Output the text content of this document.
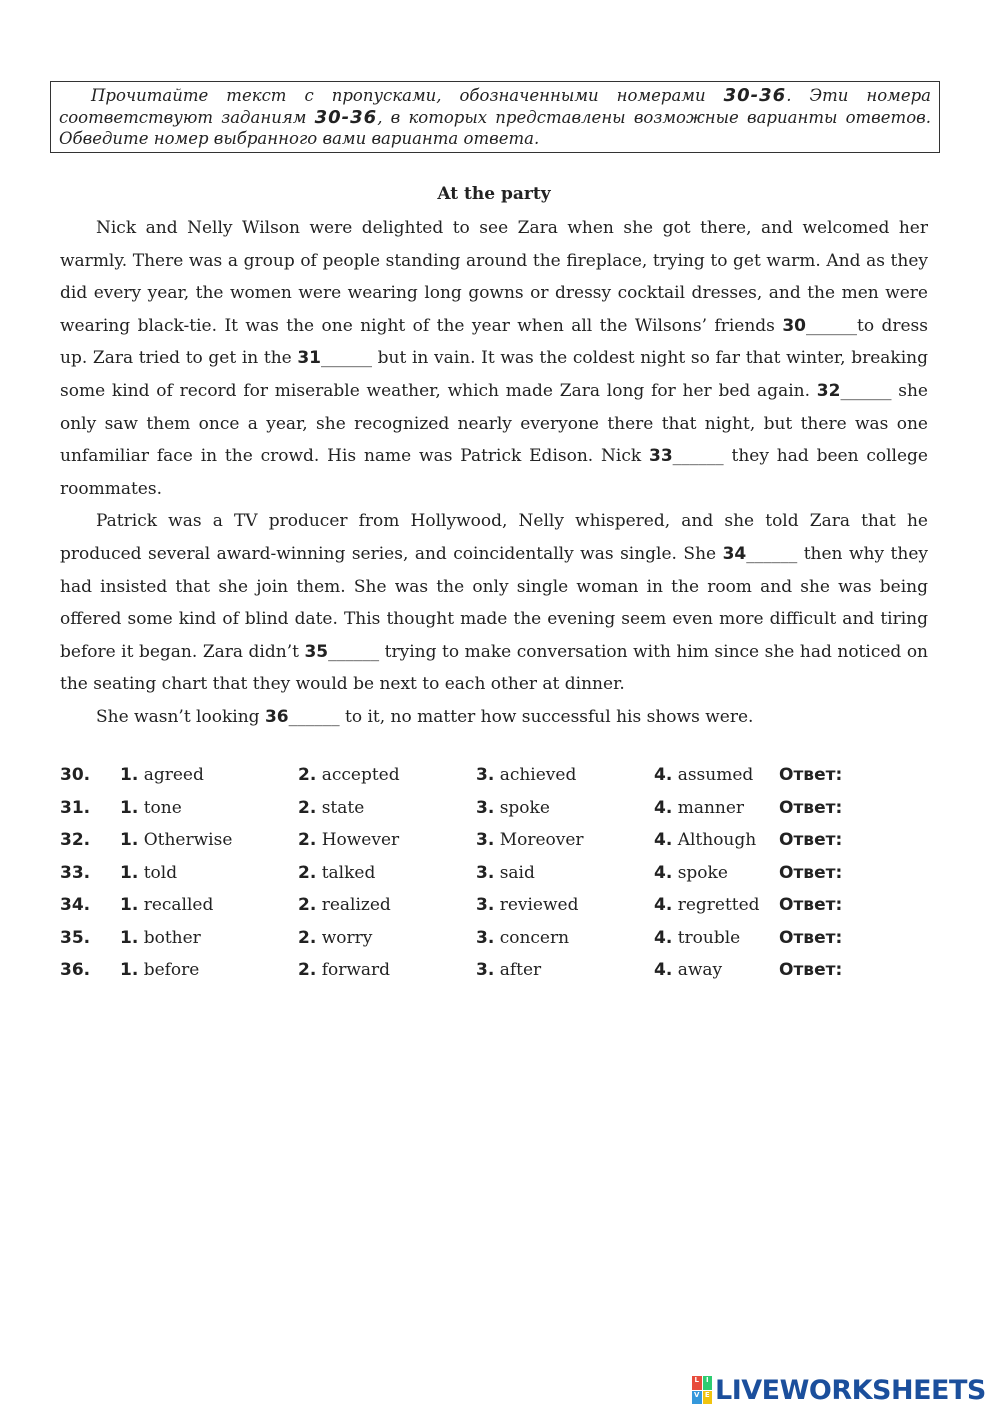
Прочитайте текст с пропусками, обозначенными номерами 30-36. Эти номера соответствуют заданиям 30-36, в которых представлены возможные варианты ответов. Обведите номер выбранного вами варианта ответа.
At the party

Nick and Nelly Wilson were delighted to see Zara when she got there, and welcomed her warmly. There was a group of people standing around the fireplace, trying to get warm. And as they did every year, the women were wearing long gowns or dressy cocktail dresses, and the men were wearing black-tie. It was the one night of the year when all the Wilsons’ friends 30______to dress up. Zara tried to get in the 31______ but in vain. It was the coldest night so far that winter, breaking some kind of record for miserable weather, which made Zara long for her bed again. 32______ she only saw them once a year, she recognized nearly everyone there that night, but there was one unfamiliar face in the crowd. His name was Patrick Edison. Nick 33______ they had been college roommates.

Patrick was a TV producer from Hollywood, Nelly whispered, and she told Zara that he produced several award-winning series, and coincidentally was single. She 34______ then why they had insisted that she join them. She was the only single woman in the room and she was being offered some kind of blind date. This thought made the evening seem even more difficult and tiring before it began. Zara didn’t 35______ trying to make conversation with him since she had noticed on the seating chart that they would be next to each other at dinner.

She wasn’t looking 36______ to it, no matter how successful his shows were.

30. 1. agreed	2. accepted	3. achieved	4. assumed Ответ:
31. 1. tone	2. state	3. spoke	4. manner Ответ:
32. 1. Otherwise	2. However	3. Moreover	4. Although Ответ:
33. 1. told	2. talked	3. said	4. spoke	Ответ:
34. 1. recalled	2. realized	3. reviewed	4. regretted Ответ:
35. 1. bother	2. worry	3. concern	4. trouble Ответ:
36. 1. before	2. forward	3. after	4. away	Ответ:
L I
V E LIVEWORKSHEETS
